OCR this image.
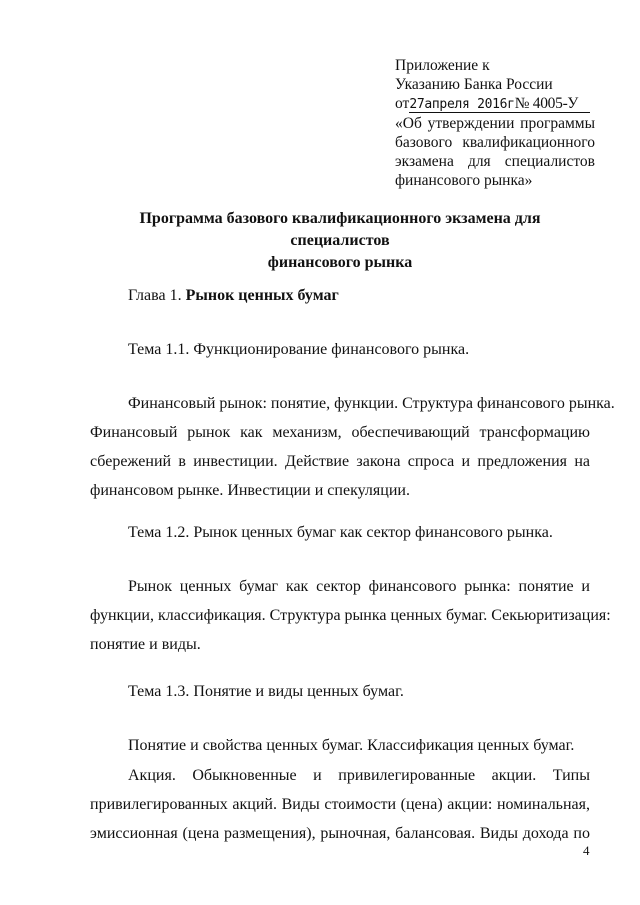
Приложение к
Указанию Банка России
от27апреля 2016г№ 4005-У
«Об утверждении программы
базового квалификационного
экзамена для специалистов
финансового рынка»
Программа базового квалификационного экзамена для специалистов
финансового рынка
Глава 1. Рынок ценных бумаг
Тема 1.1. Функционирование финансового рынка.
Финансовый рынок: понятие, функции. Структура финансового рынка.
Финансовый рынок как механизм, обеспечивающий трансформацию
сбережений в инвестиции. Действие закона спроса и предложения на
финансовом рынке. Инвестиции и спекуляции.
Тема 1.2. Рынок ценных бумаг как сектор финансового рынка.
Рынок ценных бумаг как сектор финансового рынка: понятие и
функции, классификация. Структура рынка ценных бумаг. Секьюритизация:
понятие и виды.
Тема 1.3. Понятие и виды ценных бумаг.
Понятие и свойства ценных бумаг. Классификация ценных бумаг.
Акция. Обыкновенные и привилегированные акции. Типы
привилегированных акций. Виды стоимости (цена) акции: номинальная,
эмиссионная (цена размещения), рыночная, балансовая. Виды дохода по
4
